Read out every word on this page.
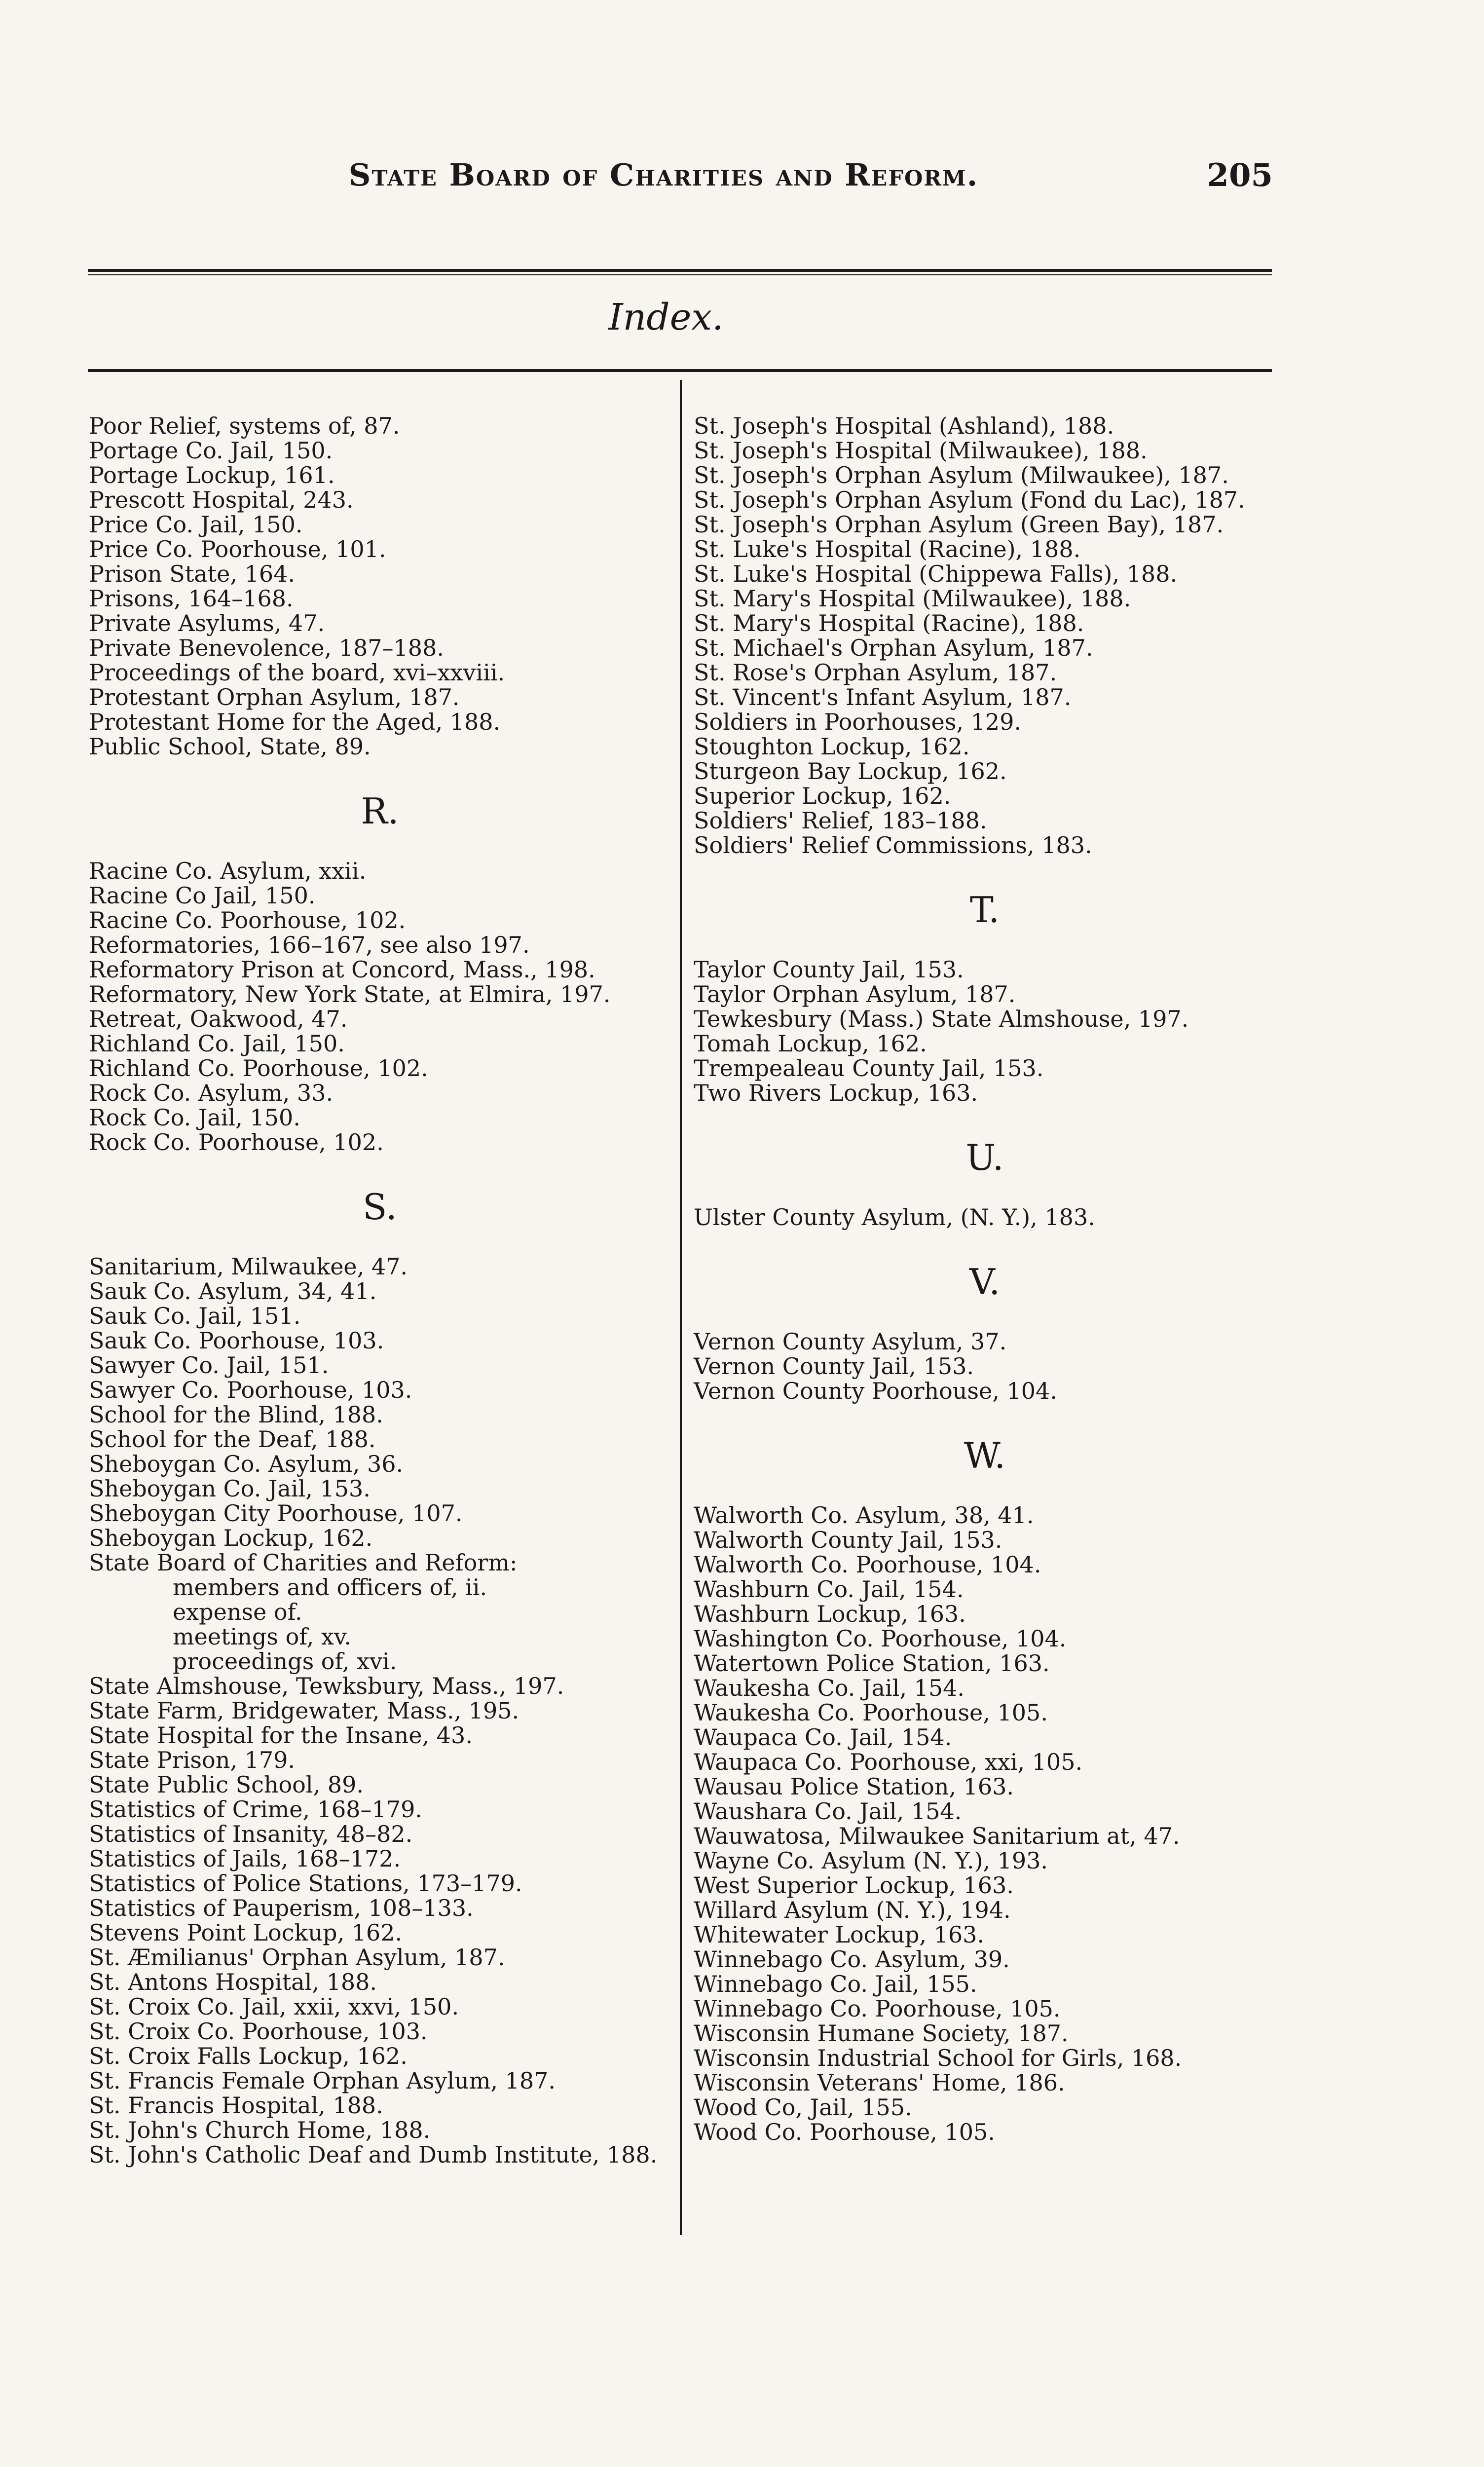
State Board of Charities and Reform.	205
Index.
Poor Relief, systems of, 87.
Portage Co. Jail, 150.
Portage Lockup, 161.
Prescott Hospital, 243.
Price Co. Jail, 150.
Price Co. Poorhouse, 101.
Prison State, 164.
Prisons, 164–168.
Private Asylums, 47.
Private Benevolence, 187–188.
Proceedings of the board, xvi–xxviii.
Protestant Orphan Asylum, 187.
Protestant Home for the Aged, 188.
Public School, State, 89.
R.
Racine Co. Asylum, xxii.
Racine Co Jail, 150.
Racine Co. Poorhouse, 102.
Reformatories, 166–167, see also 197.
Reformatory Prison at Concord, Mass., 198.
Reformatory, New York State, at Elmira, 197.
Retreat, Oakwood, 47.
Richland Co. Jail, 150.
Richland Co. Poorhouse, 102.
Rock Co. Asylum, 33.
Rock Co. Jail, 150.
Rock Co. Poorhouse, 102.
S.
Sanitarium, Milwaukee, 47.
Sauk Co. Asylum, 34, 41.
Sauk Co. Jail, 151.
Sauk Co. Poorhouse, 103.
Sawyer Co. Jail, 151.
Sawyer Co. Poorhouse, 103.
School for the Blind, 188.
School for the Deaf, 188.
Sheboygan Co. Asylum, 36.
Sheboygan Co. Jail, 153.
Sheboygan City Poorhouse, 107.
Sheboygan Lockup, 162.
State Board of Charities and Reform:
members and officers of, ii.
expense of.
meetings of, xv.
proceedings of, xvi.
State Almshouse, Tewksbury, Mass., 197.
State Farm, Bridgewater, Mass., 195.
State Hospital for the Insane, 43.
State Prison, 179.
State Public School, 89.
Statistics of Crime, 168–179.
Statistics of Insanity, 48–82.
Statistics of Jails, 168–172.
Statistics of Police Stations, 173–179.
Statistics of Pauperism, 108–133.
Stevens Point Lockup, 162.
St. Æmilianus' Orphan Asylum, 187.
St. Antons Hospital, 188.
St. Croix Co. Jail, xxii, xxvi, 150.
St. Croix Co. Poorhouse, 103.
St. Croix Falls Lockup, 162.
St. Francis Female Orphan Asylum, 187.
St. Francis Hospital, 188.
St. John's Church Home, 188.
St. John's Catholic Deaf and Dumb Institute, 188.
St. Joseph's Hospital (Ashland), 188.
St. Joseph's Hospital (Milwaukee), 188.
St. Joseph's Orphan Asylum (Milwaukee), 187.
St. Joseph's Orphan Asylum (Fond du Lac), 187.
St. Joseph's Orphan Asylum (Green Bay), 187.
St. Luke's Hospital (Racine), 188.
St. Luke's Hospital (Chippewa Falls), 188.
St. Mary's Hospital (Milwaukee), 188.
St. Mary's Hospital (Racine), 188.
St. Michael's Orphan Asylum, 187.
St. Rose's Orphan Asylum, 187.
St. Vincent's Infant Asylum, 187.
Soldiers in Poorhouses, 129.
Stoughton Lockup, 162.
Sturgeon Bay Lockup, 162.
Superior Lockup, 162.
Soldiers' Relief, 183–188.
Soldiers' Relief Commissions, 183.
T.
Taylor County Jail, 153.
Taylor Orphan Asylum, 187.
Tewkesbury (Mass.) State Almshouse, 197.
Tomah Lockup, 162.
Trempealeau County Jail, 153.
Two Rivers Lockup, 163.
U.
Ulster County Asylum, (N. Y.), 183.
V.
Vernon County Asylum, 37.
Vernon County Jail, 153.
Vernon County Poorhouse, 104.
W.
Walworth Co. Asylum, 38, 41.
Walworth County Jail, 153.
Walworth Co. Poorhouse, 104.
Washburn Co. Jail, 154.
Washburn Lockup, 163.
Washington Co. Poorhouse, 104.
Watertown Police Station, 163.
Waukesha Co. Jail, 154.
Waukesha Co. Poorhouse, 105.
Waupaca Co. Jail, 154.
Waupaca Co. Poorhouse, xxi, 105.
Wausau Police Station, 163.
Waushara Co. Jail, 154.
Wauwatosa, Milwaukee Sanitarium at, 47.
Wayne Co. Asylum (N. Y.), 193.
West Superior Lockup, 163.
Willard Asylum (N. Y.), 194.
Whitewater Lockup, 163.
Winnebago Co. Asylum, 39.
Winnebago Co. Jail, 155.
Winnebago Co. Poorhouse, 105.
Wisconsin Humane Society, 187.
Wisconsin Industrial School for Girls, 168.
Wisconsin Veterans' Home, 186.
Wood Co, Jail, 155.
Wood Co. Poorhouse, 105.
